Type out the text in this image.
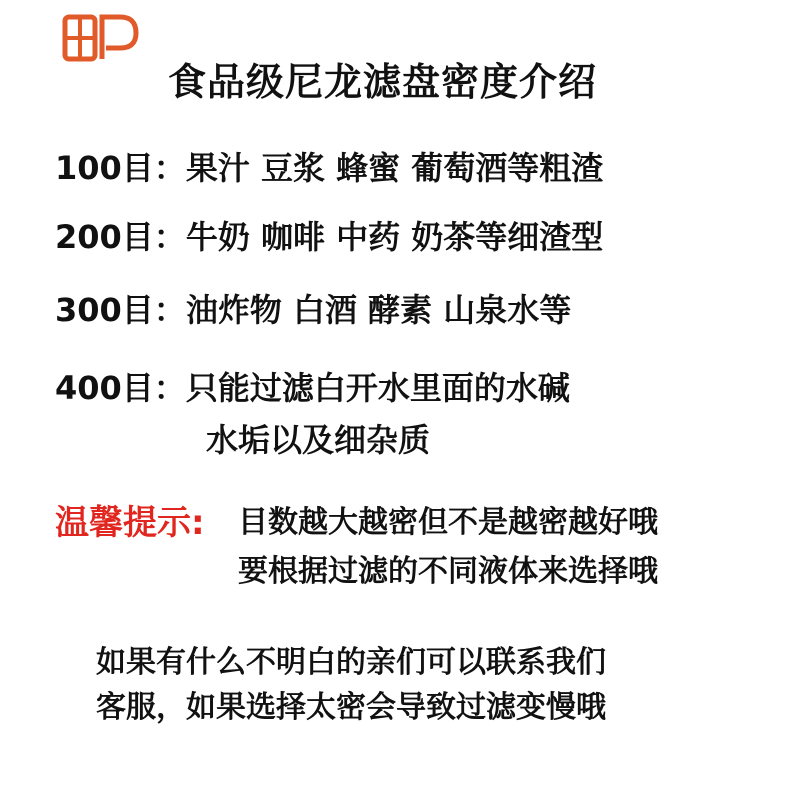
食品级尼龙滤盘密度介绍
100目：果汁 豆浆 蜂蜜 葡萄酒等粗渣
200目：牛奶 咖啡 中药 奶茶等细渣型
300目：油炸物 白酒 酵素 山泉水等
400目：只能过滤白开水里面的水碱
水垢以及细杂质
温馨提示: 目数越大越密但不是越密越好哦
要根据过滤的不同液体来选择哦
如果有什么不明白的亲们可以联系我们
客服，如果选择太密会导致过滤变慢哦
